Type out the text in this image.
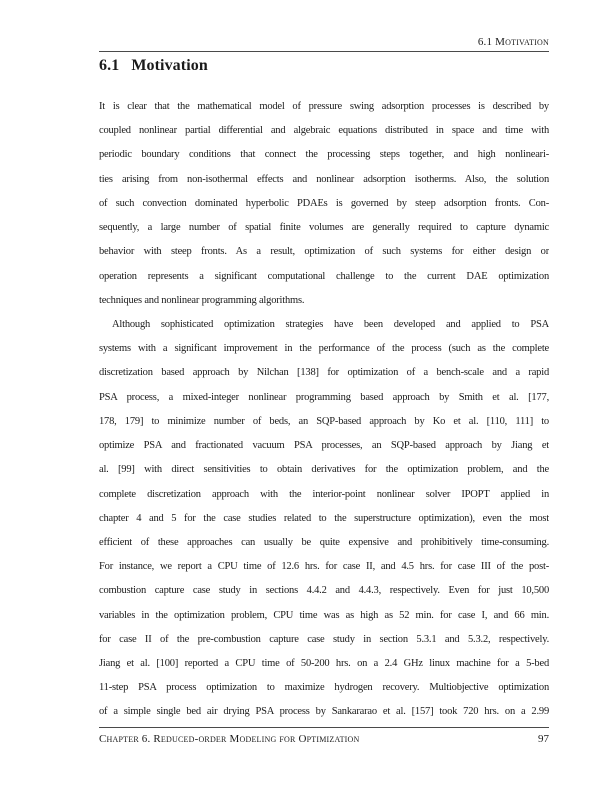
6.1 Motivation
6.1 Motivation
It is clear that the mathematical model of pressure swing adsorption processes is described by
coupled nonlinear partial differential and algebraic equations distributed in space and time with
periodic boundary conditions that connect the processing steps together, and high nonlineari-
ties arising from non-isothermal effects and nonlinear adsorption isotherms. Also, the solution
of such convection dominated hyperbolic PDAEs is governed by steep adsorption fronts. Con-
sequently, a large number of spatial finite volumes are generally required to capture dynamic
behavior with steep fronts. As a result, optimization of such systems for either design or
operation represents a significant computational challenge to the current DAE optimization
techniques and nonlinear programming algorithms.
Although sophisticated optimization strategies have been developed and applied to PSA
systems with a significant improvement in the performance of the process (such as the complete
discretization based approach by Nilchan [138] for optimization of a bench-scale and a rapid
PSA process, a mixed-integer nonlinear programming based approach by Smith et al. [177,
178, 179] to minimize number of beds, an SQP-based approach by Ko et al. [110, 111] to
optimize PSA and fractionated vacuum PSA processes, an SQP-based approach by Jiang et
al. [99] with direct sensitivities to obtain derivatives for the optimization problem, and the
complete discretization approach with the interior-point nonlinear solver IPOPT applied in
chapter 4 and 5 for the case studies related to the superstructure optimization), even the most
efficient of these approaches can usually be quite expensive and prohibitively time-consuming.
For instance, we report a CPU time of 12.6 hrs. for case II, and 4.5 hrs. for case III of the post-
combustion capture case study in sections 4.4.2 and 4.4.3, respectively. Even for just 10,500
variables in the optimization problem, CPU time was as high as 52 min. for case I, and 66 min.
for case II of the pre-combustion capture case study in section 5.3.1 and 5.3.2, respectively.
Jiang et al. [100] reported a CPU time of 50-200 hrs. on a 2.4 GHz linux machine for a 5-bed
11-step PSA process optimization to maximize hydrogen recovery. Multiobjective optimization
of a simple single bed air drying PSA process by Sankararao et al. [157] took 720 hrs. on a 2.99
Chapter 6. Reduced-order Modeling for Optimization	97
